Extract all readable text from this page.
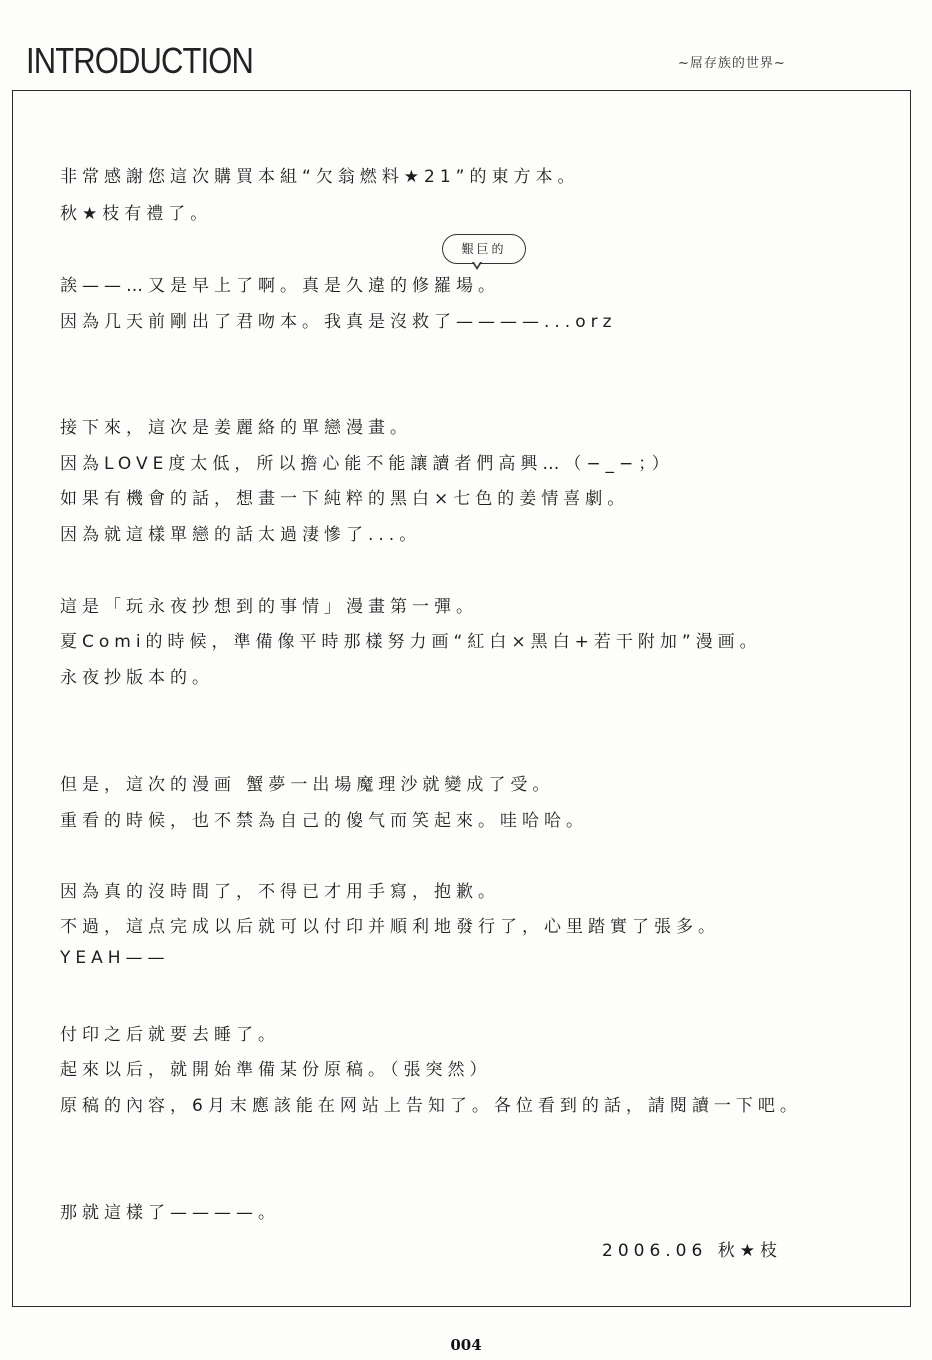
INTRODUCTION	~屌存族的世界~
艱巨的
非常感謝您這次購買本組“欠翁燃料★21”的東方本。
秋★枝有禮了。
誒——…又是早上了啊。真是久違的修羅場。
因為几天前剛出了君吻本。我真是沒救了————...orz
接下來，這次是姜麗絡的單戀漫畫。
因為LOVE度太低，所以擔心能不能讓讀者們高興…（−_−；）
如果有機會的話，想畫一下純粹的黑白×七色的姜情喜劇。
因為就這樣單戀的話太過淒慘了...。
這是「玩永夜抄想到的事情」漫畫第一彈。
夏Comi的時候，準備像平時那樣努力画“紅白×黑白+若干附加”漫画。
永夜抄版本的。
但是，這次的漫画 蟹夢一出場魔理沙就變成了受。
重看的時候，也不禁為自己的傻气而笑起來。哇哈哈。
因為真的沒時間了，不得已才用手寫，抱歉。
不過，這点完成以后就可以付印并順利地發行了，心里踏實了張多。
YEAH——
付印之后就要去睡了。
起來以后，就開始準備某份原稿。（張突然）
原稿的內容，6月末應該能在网站上告知了。各位看到的話，請閱讀一下吧。
那就這樣了————。
2006.06 秋★枝
004
